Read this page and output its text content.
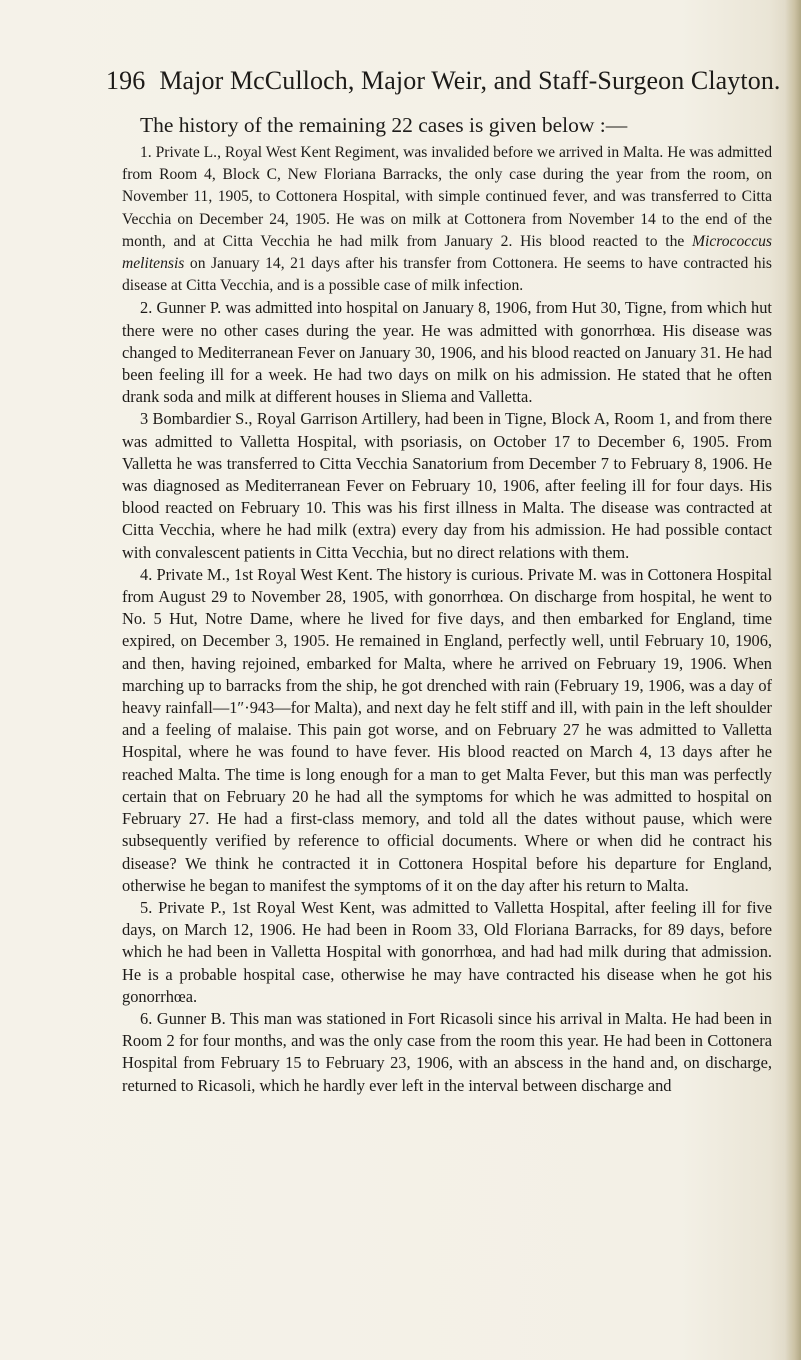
196 Major McCulloch, Major Weir, and Staff-Surgeon Clayton.
The history of the remaining 22 cases is given below :—

1. Private L., Royal West Kent Regiment, was invalided before we arrived in Malta. He was admitted from Room 4, Block C, New Floriana Barracks, the only case during the year from the room, on November 11, 1905, to Cottonera Hospital, with simple continued fever, and was transferred to Citta Vecchia on December 24, 1905. He was on milk at Cottonera from November 14 to the end of the month, and at Citta Vecchia he had milk from January 2. His blood reacted to the Micrococcus melitensis on January 14, 21 days after his transfer from Cottonera. He seems to have contracted his disease at Citta Vecchia, and is a possible case of milk infection.

2. Gunner P. was admitted into hospital on January 8, 1906, from Hut 30, Tigne, from which hut there were no other cases during the year. He was admitted with gonorrhœa. His disease was changed to Mediterranean Fever on January 30, 1906, and his blood reacted on January 31. He had been feeling ill for a week. He had two days on milk on his admission. He stated that he often drank soda and milk at different houses in Sliema and Valletta.

3 Bombardier S., Royal Garrison Artillery, had been in Tigne, Block A, Room 1, and from there was admitted to Valletta Hospital, with psoriasis, on October 17 to December 6, 1905. From Valletta he was transferred to Citta Vecchia Sanatorium from December 7 to February 8, 1906. He was diagnosed as Mediterranean Fever on February 10, 1906, after feeling ill for four days. His blood reacted on February 10. This was his first illness in Malta. The disease was contracted at Citta Vecchia, where he had milk (extra) every day from his admission. He had possible contact with convalescent patients in Citta Vecchia, but no direct relations with them.

4. Private M., 1st Royal West Kent. The history is curious. Private M. was in Cottonera Hospital from August 29 to November 28, 1905, with gonorrhœa. On discharge from hospital, he went to No. 5 Hut, Notre Dame, where he lived for five days, and then embarked for England, time expired, on December 3, 1905. He remained in England, perfectly well, until February 10, 1906, and then, having rejoined, embarked for Malta, where he arrived on February 19, 1906. When marching up to barracks from the ship, he got drenched with rain (February 19, 1906, was a day of heavy rainfall—1″·943—for Malta), and next day he felt stiff and ill, with pain in the left shoulder and a feeling of malaise. This pain got worse, and on February 27 he was admitted to Valletta Hospital, where he was found to have fever. His blood reacted on March 4, 13 days after he reached Malta. The time is long enough for a man to get Malta Fever, but this man was perfectly certain that on February 20 he had all the symptoms for which he was admitted to hospital on February 27. He had a first-class memory, and told all the dates without pause, which were subsequently verified by reference to official documents. Where or when did he contract his disease? We think he contracted it in Cottonera Hospital before his departure for England, otherwise he began to manifest the symptoms of it on the day after his return to Malta.

5. Private P., 1st Royal West Kent, was admitted to Valletta Hospital, after feeling ill for five days, on March 12, 1906. He had been in Room 33, Old Floriana Barracks, for 89 days, before which he had been in Valletta Hospital with gonorrhœa, and had had milk during that admission. He is a probable hospital case, otherwise he may have contracted his disease when he got his gonorrhœa.

6. Gunner B. This man was stationed in Fort Ricasoli since his arrival in Malta. He had been in Room 2 for four months, and was the only case from the room this year. He had been in Cottonera Hospital from February 15 to February 23, 1906, with an abscess in the hand and, on discharge, returned to Ricasoli, which he hardly ever left in the interval between discharge and
